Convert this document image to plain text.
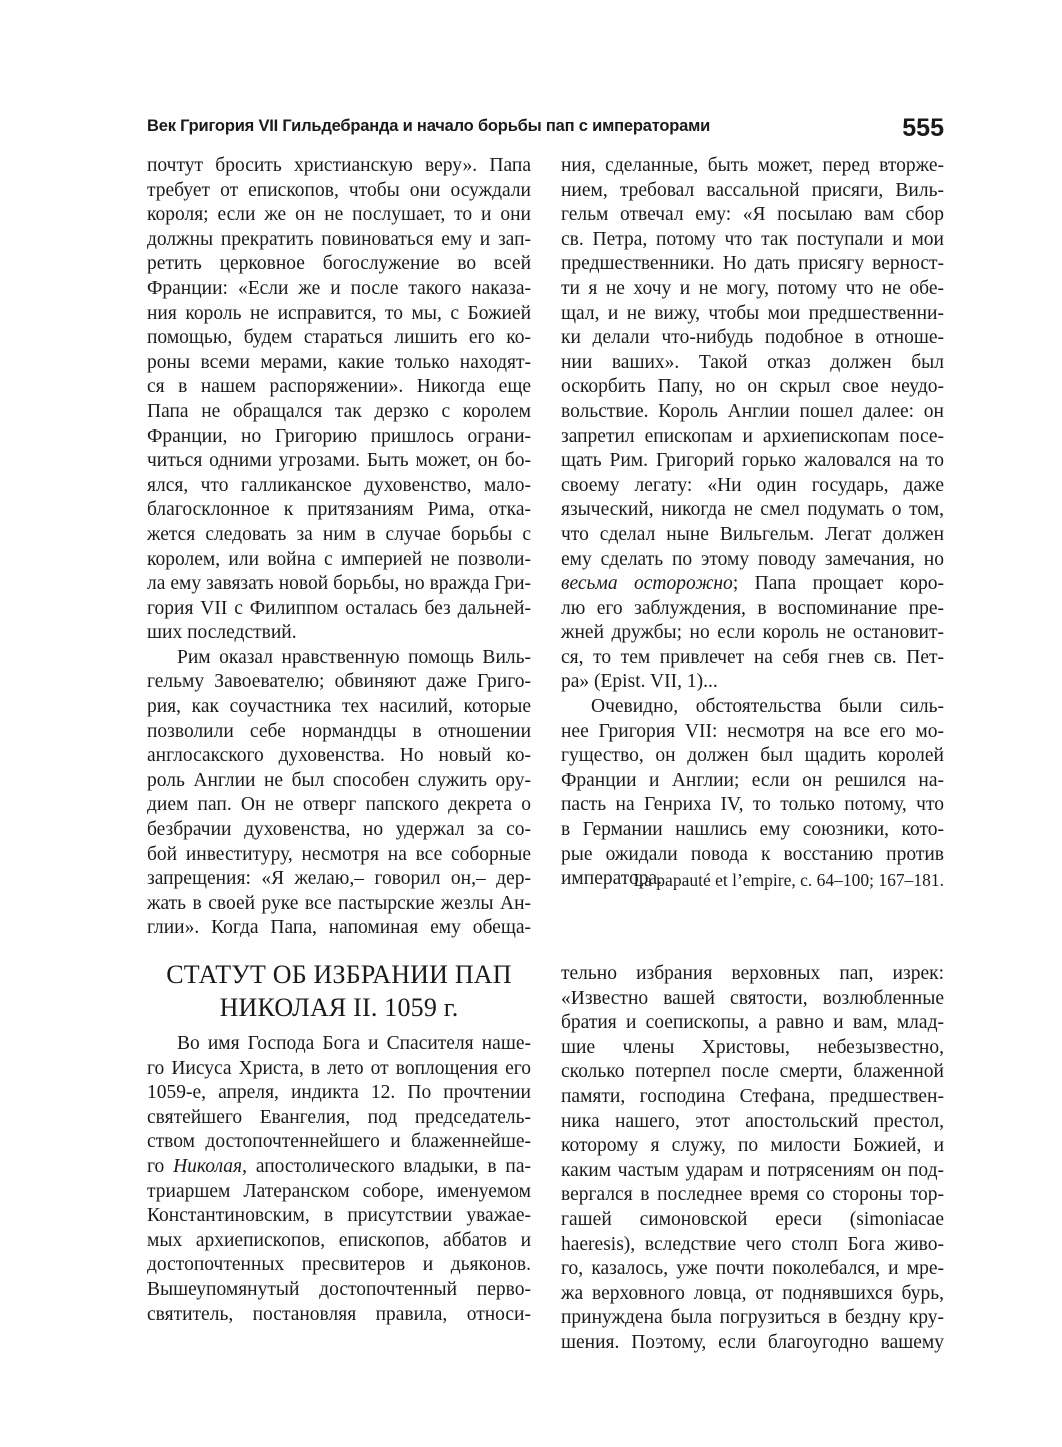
Век Григория VII Гильдебранда и начало борьбы пап с императорами	555
почтут бросить христианскую веру». Папа
требует от епископов, чтобы они осуждали
короля; если же он не послушает, то и они
должны прекратить повиноваться ему и зап-
ретить церковное богослужение во всей
Франции: «Если же и после такого наказа-
ния король не исправится, то мы, с Божией
помощью, будем стараться лишить его ко-
роны всеми мерами, какие только находят-
ся в нашем распоряжении». Никогда еще
Папа не обращался так дерзко с королем
Франции, но Григорию пришлось ограни-
читься одними угрозами. Быть может, он бо-
ялся, что галликанское духовенство, мало-
благосклонное к притязаниям Рима, отка-
жется следовать за ним в случае борьбы с
королем, или война с империей не позволи-
ла ему завязать новой борьбы, но вражда Гри-
гория VII с Филиппом осталась без дальней-
ших последствий.
Рим оказал нравственную помощь Виль-
гельму Завоевателю; обвиняют даже Григо-
рия, как соучастника тех насилий, которые
позволили себе нормандцы в отношении
англосакского духовенства. Но новый ко-
роль Англии не был способен служить ору-
дием пап. Он не отверг папского декрета о
безбрачии духовенства, но удержал за со-
бой инвеституру, несмотря на все соборные
запрещения: «Я желаю,– говорил он,– дер-
жать в своей руке все пастырские жезлы Ан-
глии». Когда Папа, напоминая ему обеща-
ния, сделанные, быть может, перед вторже-
нием, требовал вассальной присяги, Виль-
гельм отвечал ему: «Я посылаю вам сбор
св. Петра, потому что так поступали и мои
предшественники. Но дать присягу верност-
ти я не хочу и не могу, потому что не обе-
щал, и не вижу, чтобы мои предшественни-
ки делали что-нибудь подобное в отноше-
нии ваших». Такой отказ должен был
оскорбить Папу, но он скрыл свое неудо-
вольствие. Король Англии пошел далее: он
запретил епископам и архиепископам посе-
щать Рим. Григорий горько жаловался на то
своему легату: «Ни один государь, даже
языческий, никогда не смел подумать о том,
что сделал ныне Вильгельм. Легат должен
ему сделать по этому поводу замечания, но
весьма осторожно; Папа прощает коро-
лю его заблуждения, в воспоминание пре-
жней дружбы; но если король не остановит-
ся, то тем привлечет на себя гнев св. Пет-
ра» (Epist. VII, 1)...
Очевидно, обстоятельства были силь-
нее Григория VII: несмотря на все его мо-
гущество, он должен был щадить королей
Франции и Англии; если он решился на-
пасть на Генриха IV, то только потому, что
в Германии нашлись ему союзники, кото-
рые ожидали повода к восстанию против
императора.
La papauté et l’empire, c. 64–100; 167–181.
СТАТУТ ОБ ИЗБРАНИИ ПАП
НИКОЛАЯ II. 1059 г.
Во имя Господа Бога и Спасителя наше-
го Иисуса Христа, в лето от воплощения его
1059-е, апреля, индикта 12. По прочтении
святейшего Евангелия, под председатель-
ством достопочтеннейшего и блаженнейше-
го Николая, апостолического владыки, в па-
триаршем Латеранском соборе, именуемом
Константиновским, в присутствии уважае-
мых архиепископов, епископов, аббатов и
достопочтенных пресвитеров и дьяконов.
Вышеупомянутый достопочтенный перво-
святитель, постановляя правила, относи-
тельно избрания верховных пап, изрек:
«Известно вашей святости, возлюбленные
братия и соепископы, а равно и вам, млад-
шие члены Христовы, небезызвестно,
сколько потерпел после смерти, блаженной
памяти, господина Стефана, предшествен-
ника нашего, этот апостольский престол,
которому я служу, по милости Божией, и
каким частым ударам и потрясениям он под-
вергался в последнее время со стороны тор-
гашей симоновской ереси (simoniacae
haeresis), вследствие чего столп Бога живо-
го, казалось, уже почти поколебался, и мре-
жа верховного ловца, от поднявшихся бурь,
принуждена была погрузиться в бездну кру-
шения. Поэтому, если благоугодно вашему
